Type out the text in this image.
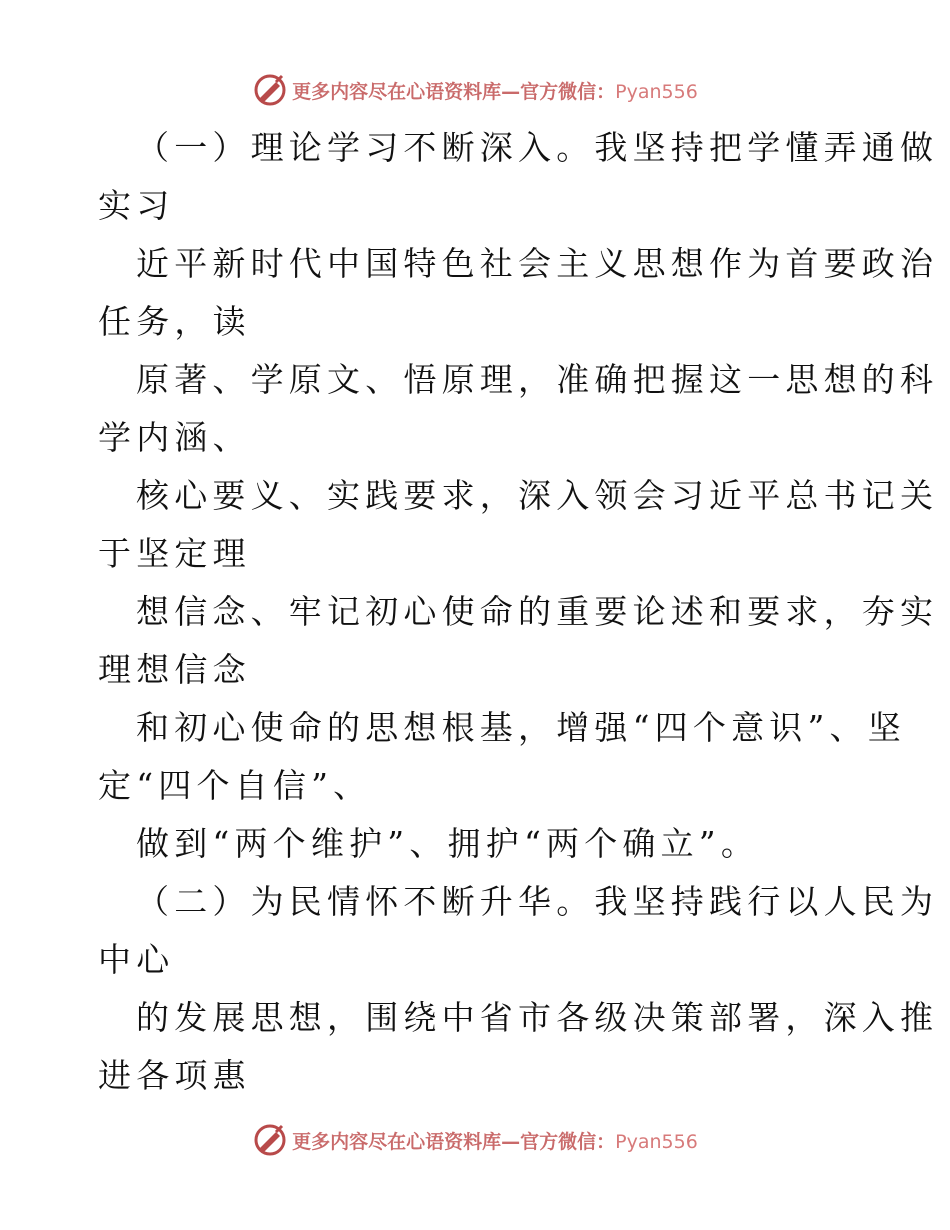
更多内容尽在心语资料库—官方微信：Pyan556
（一）理论学习不断深入。我坚持把学懂弄通做
实习
近平新时代中国特色社会主义思想作为首要政治
任务，读
原著、学原文、悟原理，准确把握这一思想的科
学内涵、
核心要义、实践要求，深入领会习近平总书记关
于坚定理
想信念、牢记初心使命的重要论述和要求，夯实
理想信念
和初心使命的思想根基，增强“四个意识”、坚
定“四个自信”、
做到“两个维护”、拥护“两个确立”。
（二）为民情怀不断升华。我坚持践行以人民为
中心
的发展思想，围绕中省市各级决策部署，深入推
进各项惠
更多内容尽在心语资料库—官方微信：Pyan556
